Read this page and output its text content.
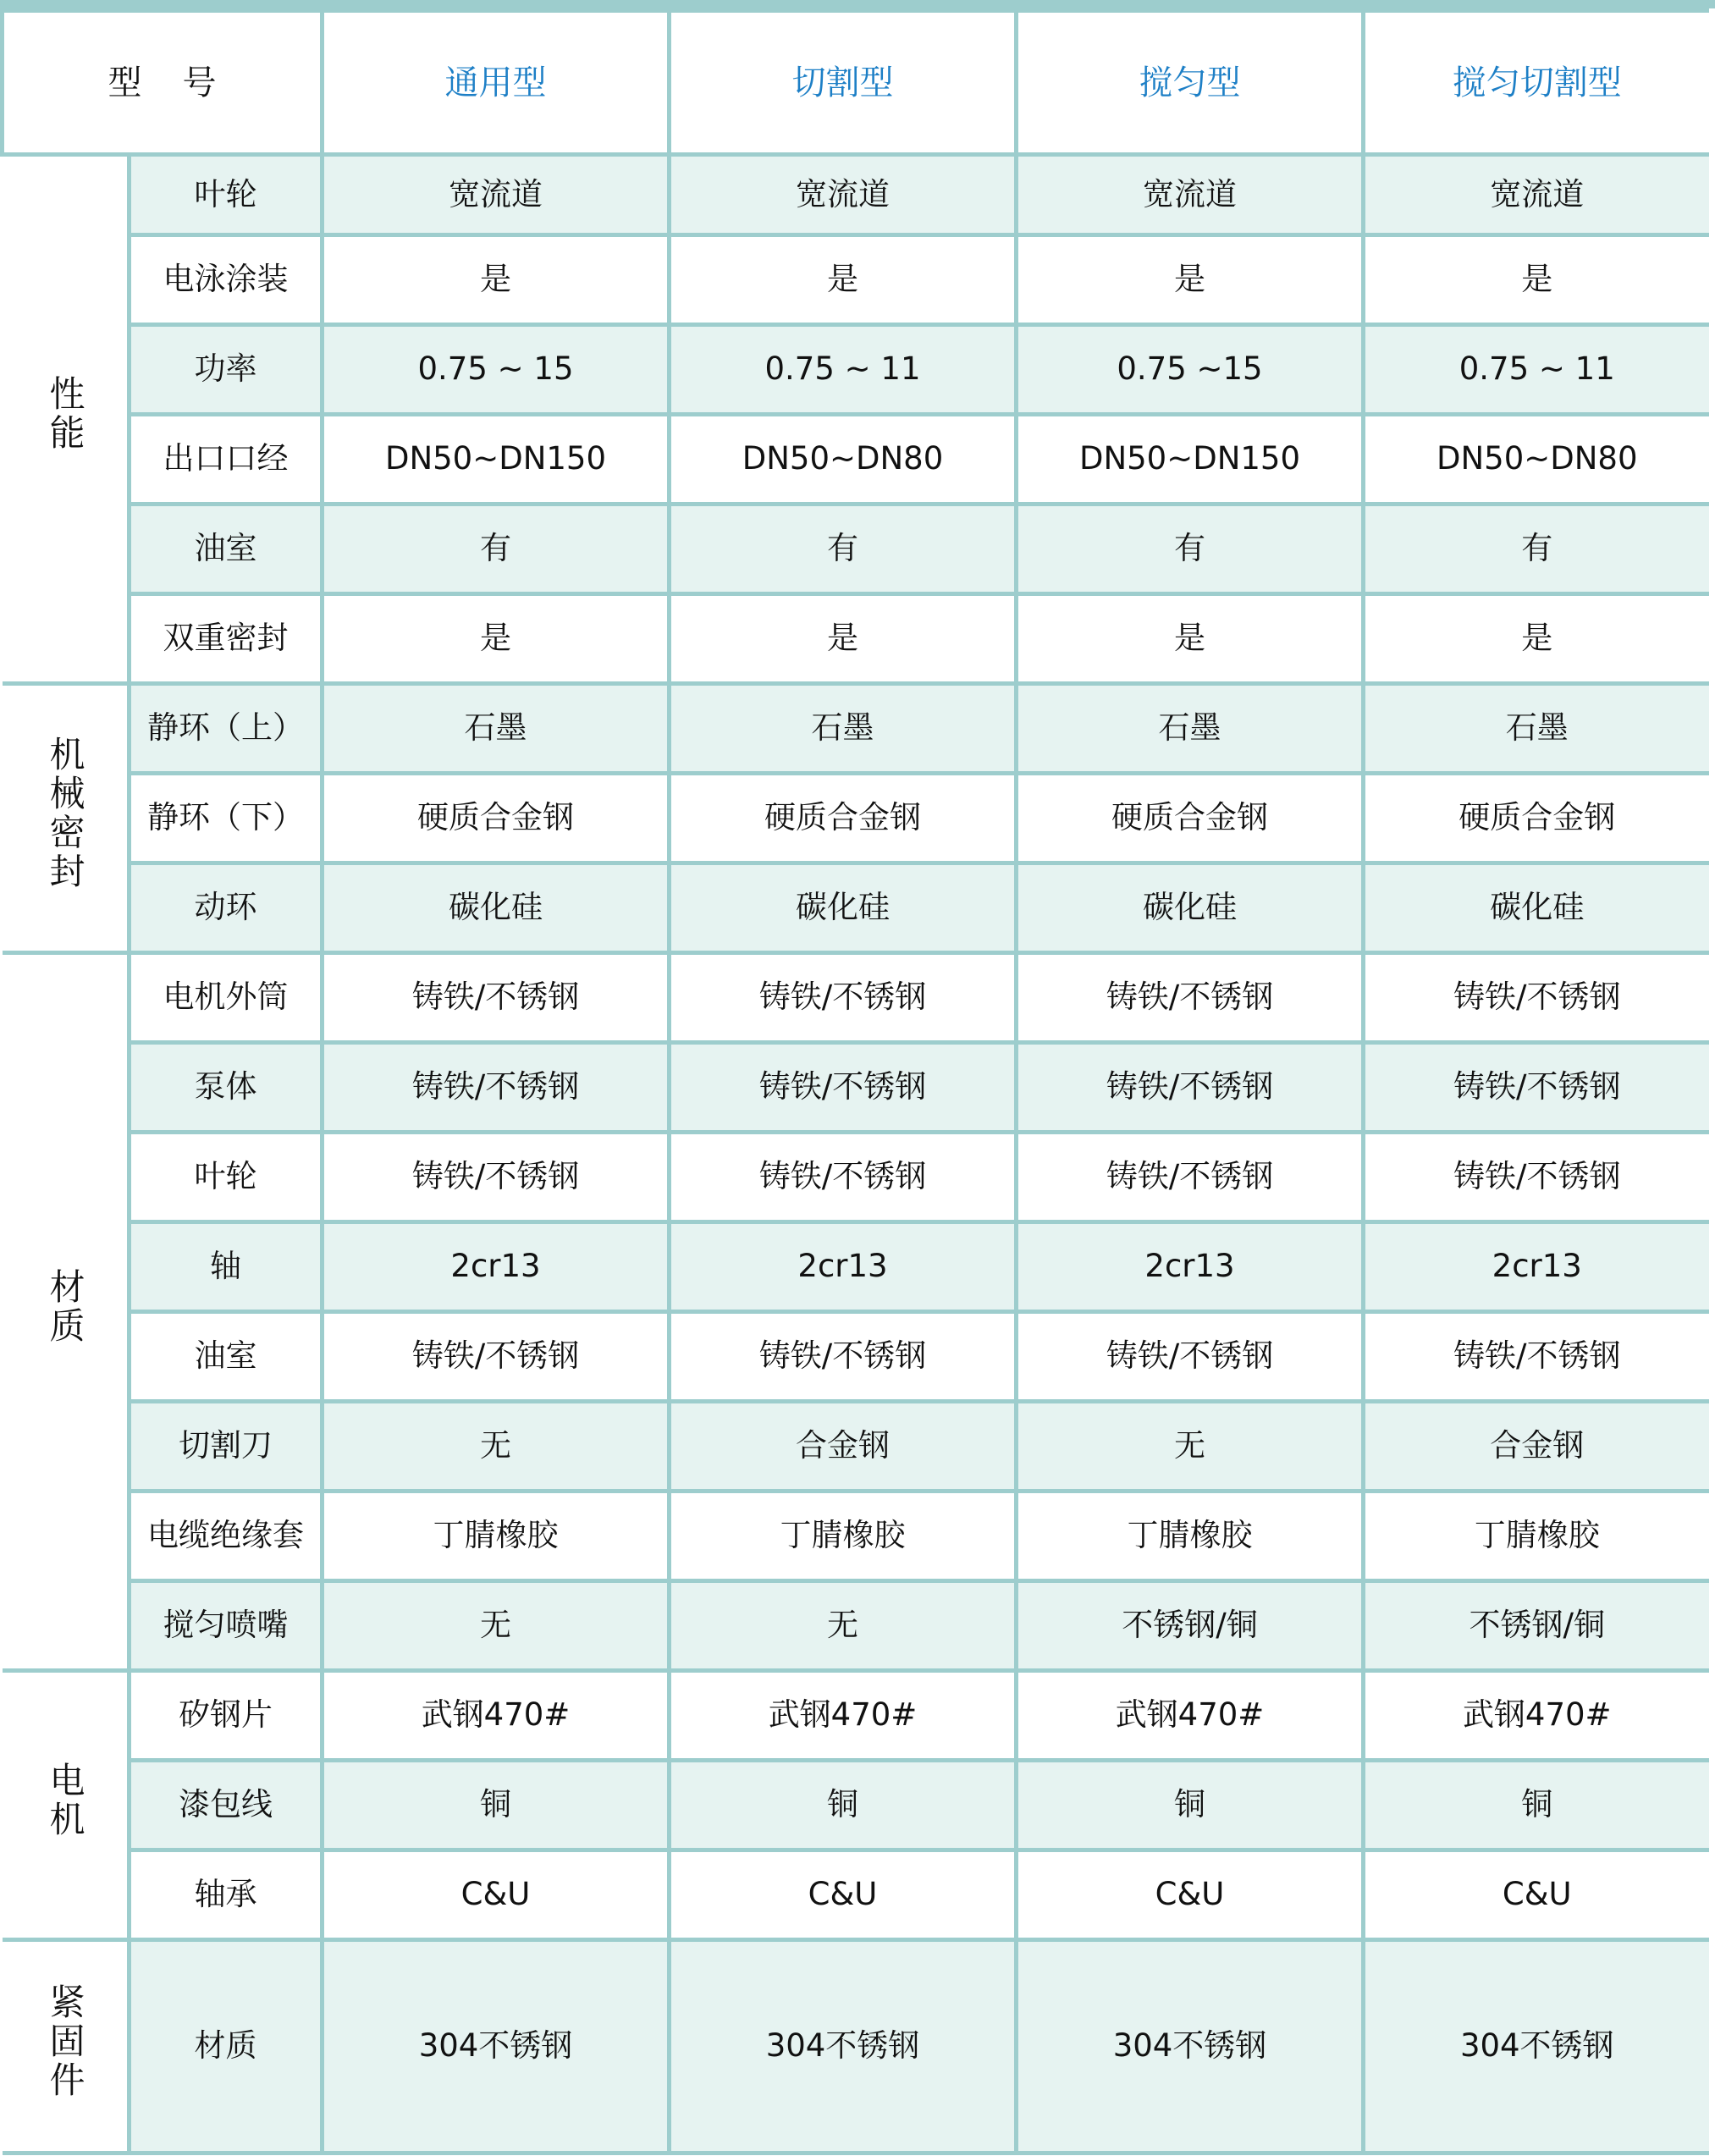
型号		通用型	切割型	搅匀型	搅匀切割型
性能	叶轮	宽流道	宽流道	宽流道	宽流道
	电泳涂装	是	是	是	是
	功率	0.75 ~ 15	0.75 ~ 11	0.75 ~15	0.75 ~ 11
	出口口经	DN50~DN150	DN50~DN80	DN50~DN150	DN50~DN80
	油室	有	有	有	有
	双重密封	是	是	是	是
机械密封	静环（上）	石墨	石墨	石墨	石墨
	静环（下）	硬质合金钢	硬质合金钢	硬质合金钢	硬质合金钢
	动环	碳化硅	碳化硅	碳化硅	碳化硅
材质	电机外筒	铸铁/不锈钢	铸铁/不锈钢	铸铁/不锈钢	铸铁/不锈钢
	泵体	铸铁/不锈钢	铸铁/不锈钢	铸铁/不锈钢	铸铁/不锈钢
	叶轮	铸铁/不锈钢	铸铁/不锈钢	铸铁/不锈钢	铸铁/不锈钢
	轴	2cr13	2cr13	2cr13	2cr13
	油室	铸铁/不锈钢	铸铁/不锈钢	铸铁/不锈钢	铸铁/不锈钢
	切割刀	无	合金钢	无	合金钢
	电缆绝缘套	丁腈橡胶	丁腈橡胶	丁腈橡胶	丁腈橡胶
	搅匀喷嘴	无	无	不锈钢/铜	不锈钢/铜
电机	矽钢片	武钢470#	武钢470#	武钢470#	武钢470#
	漆包线	铜	铜	铜	铜
	轴承	C&U	C&U	C&U	C&U
紧固件	材质	304不锈钢	304不锈钢	304不锈钢	304不锈钢
